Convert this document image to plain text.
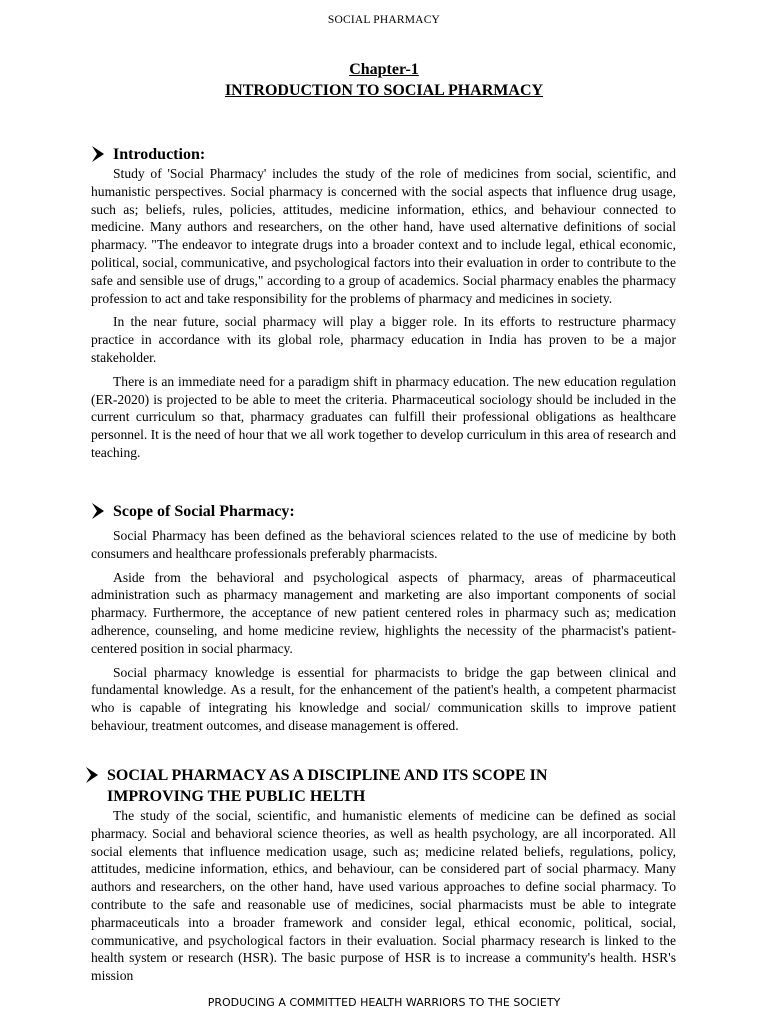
SOCIAL PHARMACY
Chapter-1
INTRODUCTION TO SOCIAL PHARMACY
Introduction:

Study of 'Social Pharmacy' includes the study of the role of medicines from social, scientific, and humanistic perspectives. Social pharmacy is concerned with the social aspects that influence drug usage, such as; beliefs, rules, policies, attitudes, medicine information, ethics, and behaviour connected to medicine. Many authors and researchers, on the other hand, have used alternative definitions of social pharmacy. "The endeavor to integrate drugs into a broader context and to include legal, ethical economic, political, social, communicative, and psychological factors into their evaluation in order to contribute to the safe and sensible use of drugs," according to a group of academics. Social pharmacy enables the pharmacy profession to act and take responsibility for the problems of pharmacy and medicines in society.

In the near future, social pharmacy will play a bigger role. In its efforts to restructure pharmacy practice in accordance with its global role, pharmacy education in India has proven to be a major stakeholder.

There is an immediate need for a paradigm shift in pharmacy education. The new education regulation (ER-2020) is projected to be able to meet the criteria. Pharmaceutical sociology should be included in the current curriculum so that, pharmacy graduates can fulfill their professional obligations as healthcare personnel. It is the need of hour that we all work together to develop curriculum in this area of research and teaching.

Scope of Social Pharmacy:

Social Pharmacy has been defined as the behavioral sciences related to the use of medicine by both consumers and healthcare professionals preferably pharmacists.

Aside from the behavioral and psychological aspects of pharmacy, areas of pharmaceutical administration such as pharmacy management and marketing are also important components of social pharmacy. Furthermore, the acceptance of new patient centered roles in pharmacy such as; medication adherence, counseling, and home medicine review, highlights the necessity of the pharmacist's patient-centered position in social pharmacy.

Social pharmacy knowledge is essential for pharmacists to bridge the gap between clinical and fundamental knowledge. As a result, for the enhancement of the patient's health, a competent pharmacist who is capable of integrating his knowledge and social/ communication skills to improve patient behaviour, treatment outcomes, and disease management is offered.

SOCIAL PHARMACY AS A DISCIPLINE AND ITS SCOPE IN
IMPROVING THE PUBLIC HELTH

The study of the social, scientific, and humanistic elements of medicine can be defined as social pharmacy. Social and behavioral science theories, as well as health psychology, are all incorporated. All social elements that influence medication usage, such as; medicine related beliefs, regulations, policy, attitudes, medicine information, ethics, and behaviour, can be considered part of social pharmacy. Many authors and researchers, on the other hand, have used various approaches to define social pharmacy. To contribute to the safe and reasonable use of medicines, social pharmacists must be able to integrate pharmaceuticals into a broader framework and consider legal, ethical economic, political, social, communicative, and psychological factors in their evaluation. Social pharmacy research is linked to the health system or research (HSR). The basic purpose of HSR is to increase a community's health. HSR's mission

PRODUCING A COMMITTED HEALTH WARRIORS TO THE SOCIETY
